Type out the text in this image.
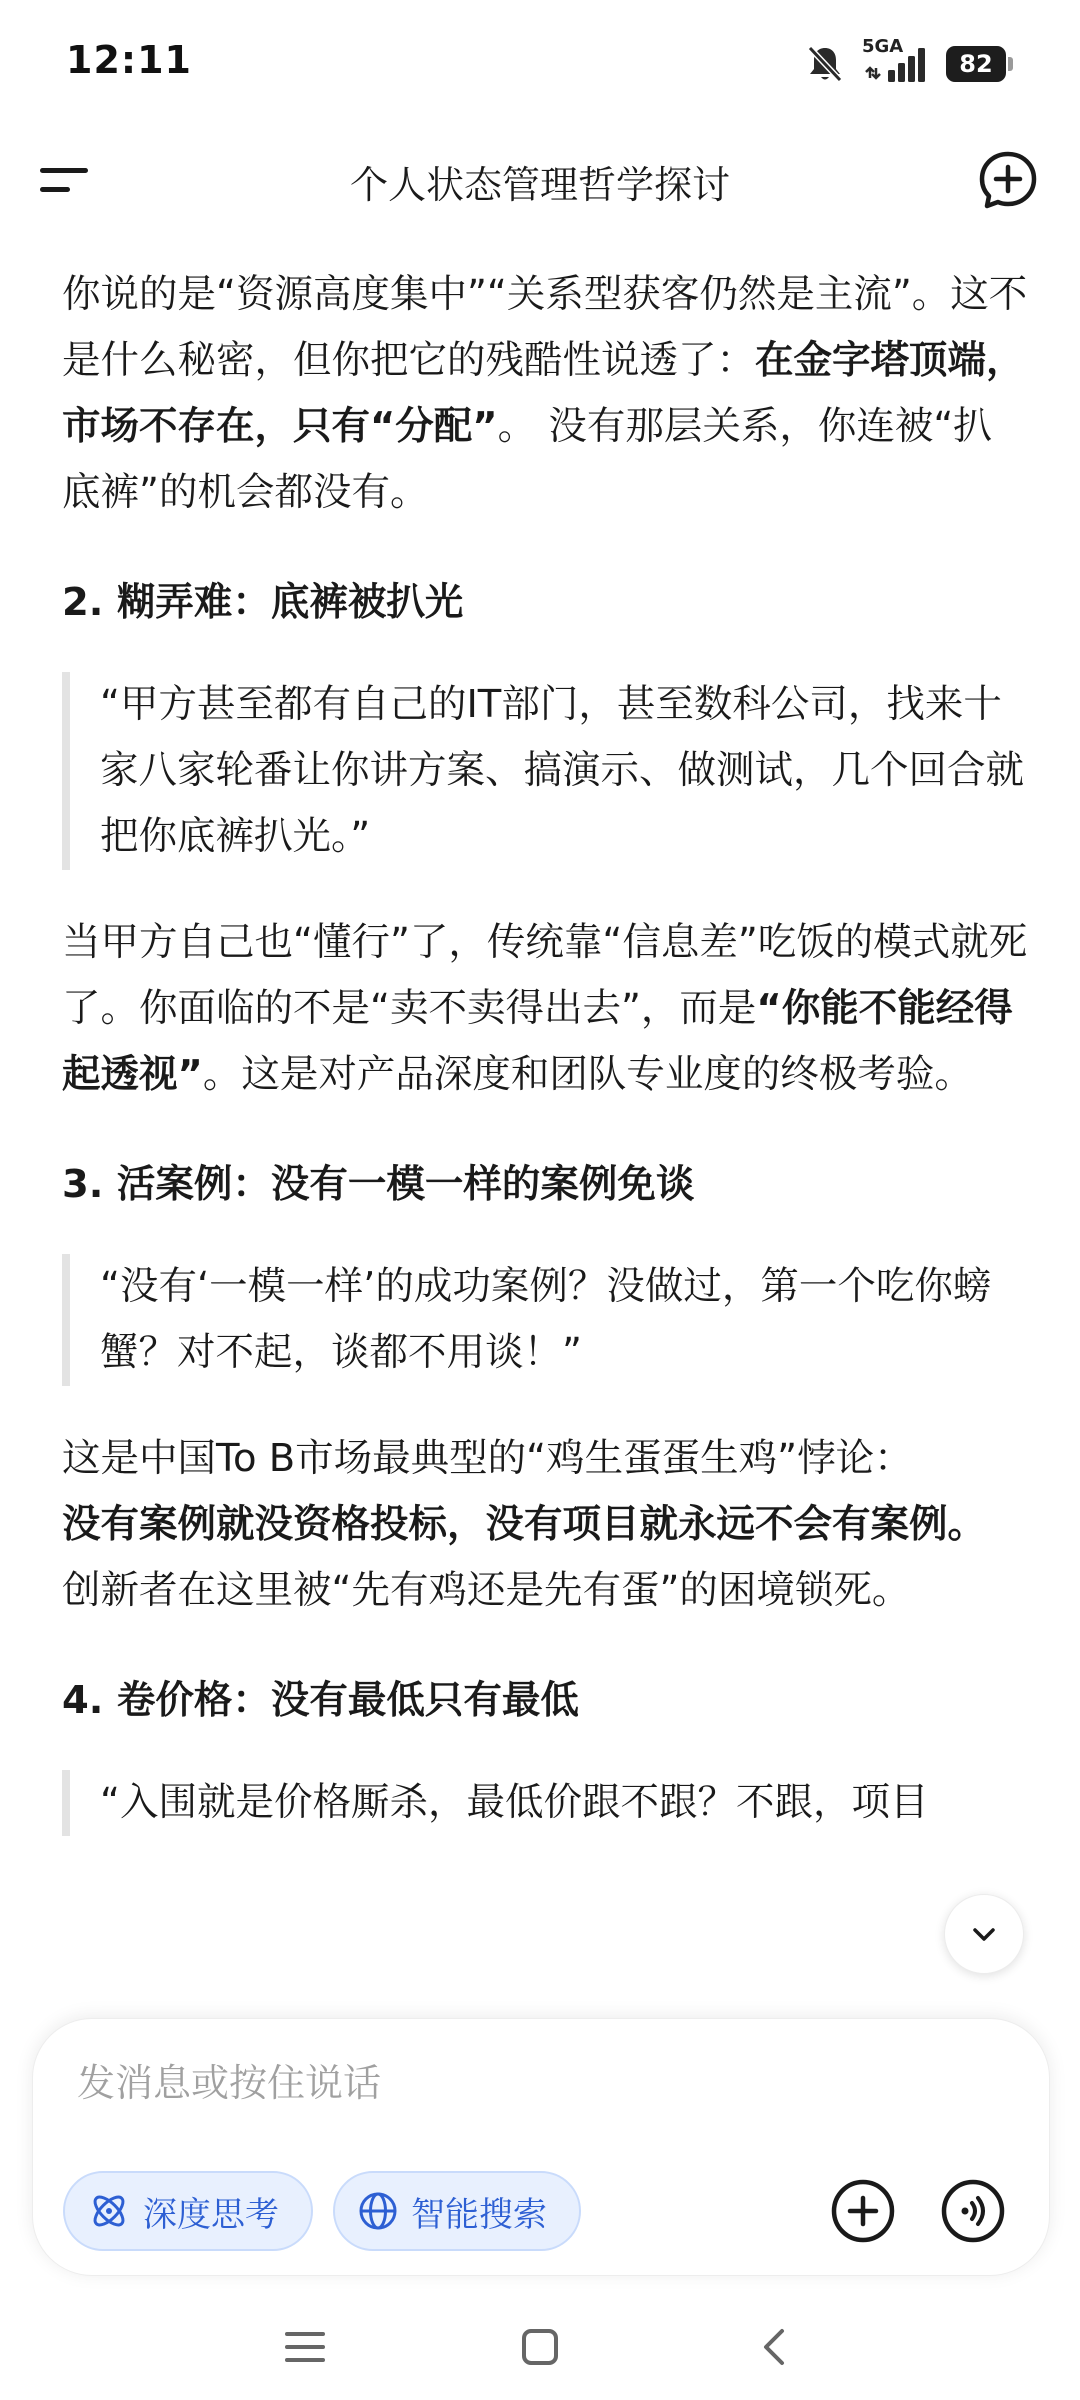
12:11	5GA
82
个人状态管理哲学探讨

你说的是“资源高度集中”“关系型获客仍然是主流”。这不是什么秘密，但你把它的残酷性说透了：在金字塔顶端，市场不存在，只有“分配”。 没有那层关系，你连被“扒底裤”的机会都没有。

2. 糊弄难：底裤被扒光
“甲方甚至都有自己的IT部门，甚至数科公司，找来十家八家轮番让你讲方案、搞演示、做测试，几个回合就把你底裤扒光。”

当甲方自己也“懂行”了，传统靠“信息差”吃饭的模式就死了。你面临的不是“卖不卖得出去”，而是“你能不能经得起透视”。这是对产品深度和团队专业度的终极考验。

3. 活案例：没有一模一样的案例免谈
“没有‘一模一样’的成功案例？没做过，第一个吃你螃蟹？对不起，谈都不用谈！”

这是中国To B市场最典型的“鸡生蛋蛋生鸡”悖论：
没有案例就没资格投标，没有项目就永远不会有案例。 创新者在这里被“先有鸡还是先有蛋”的困境锁死。

4. 卷价格：没有最低只有最低
“入围就是价格厮杀，最低价跟不跟？不跟，项目
发消息或按住说话
深度思考	智能搜索
